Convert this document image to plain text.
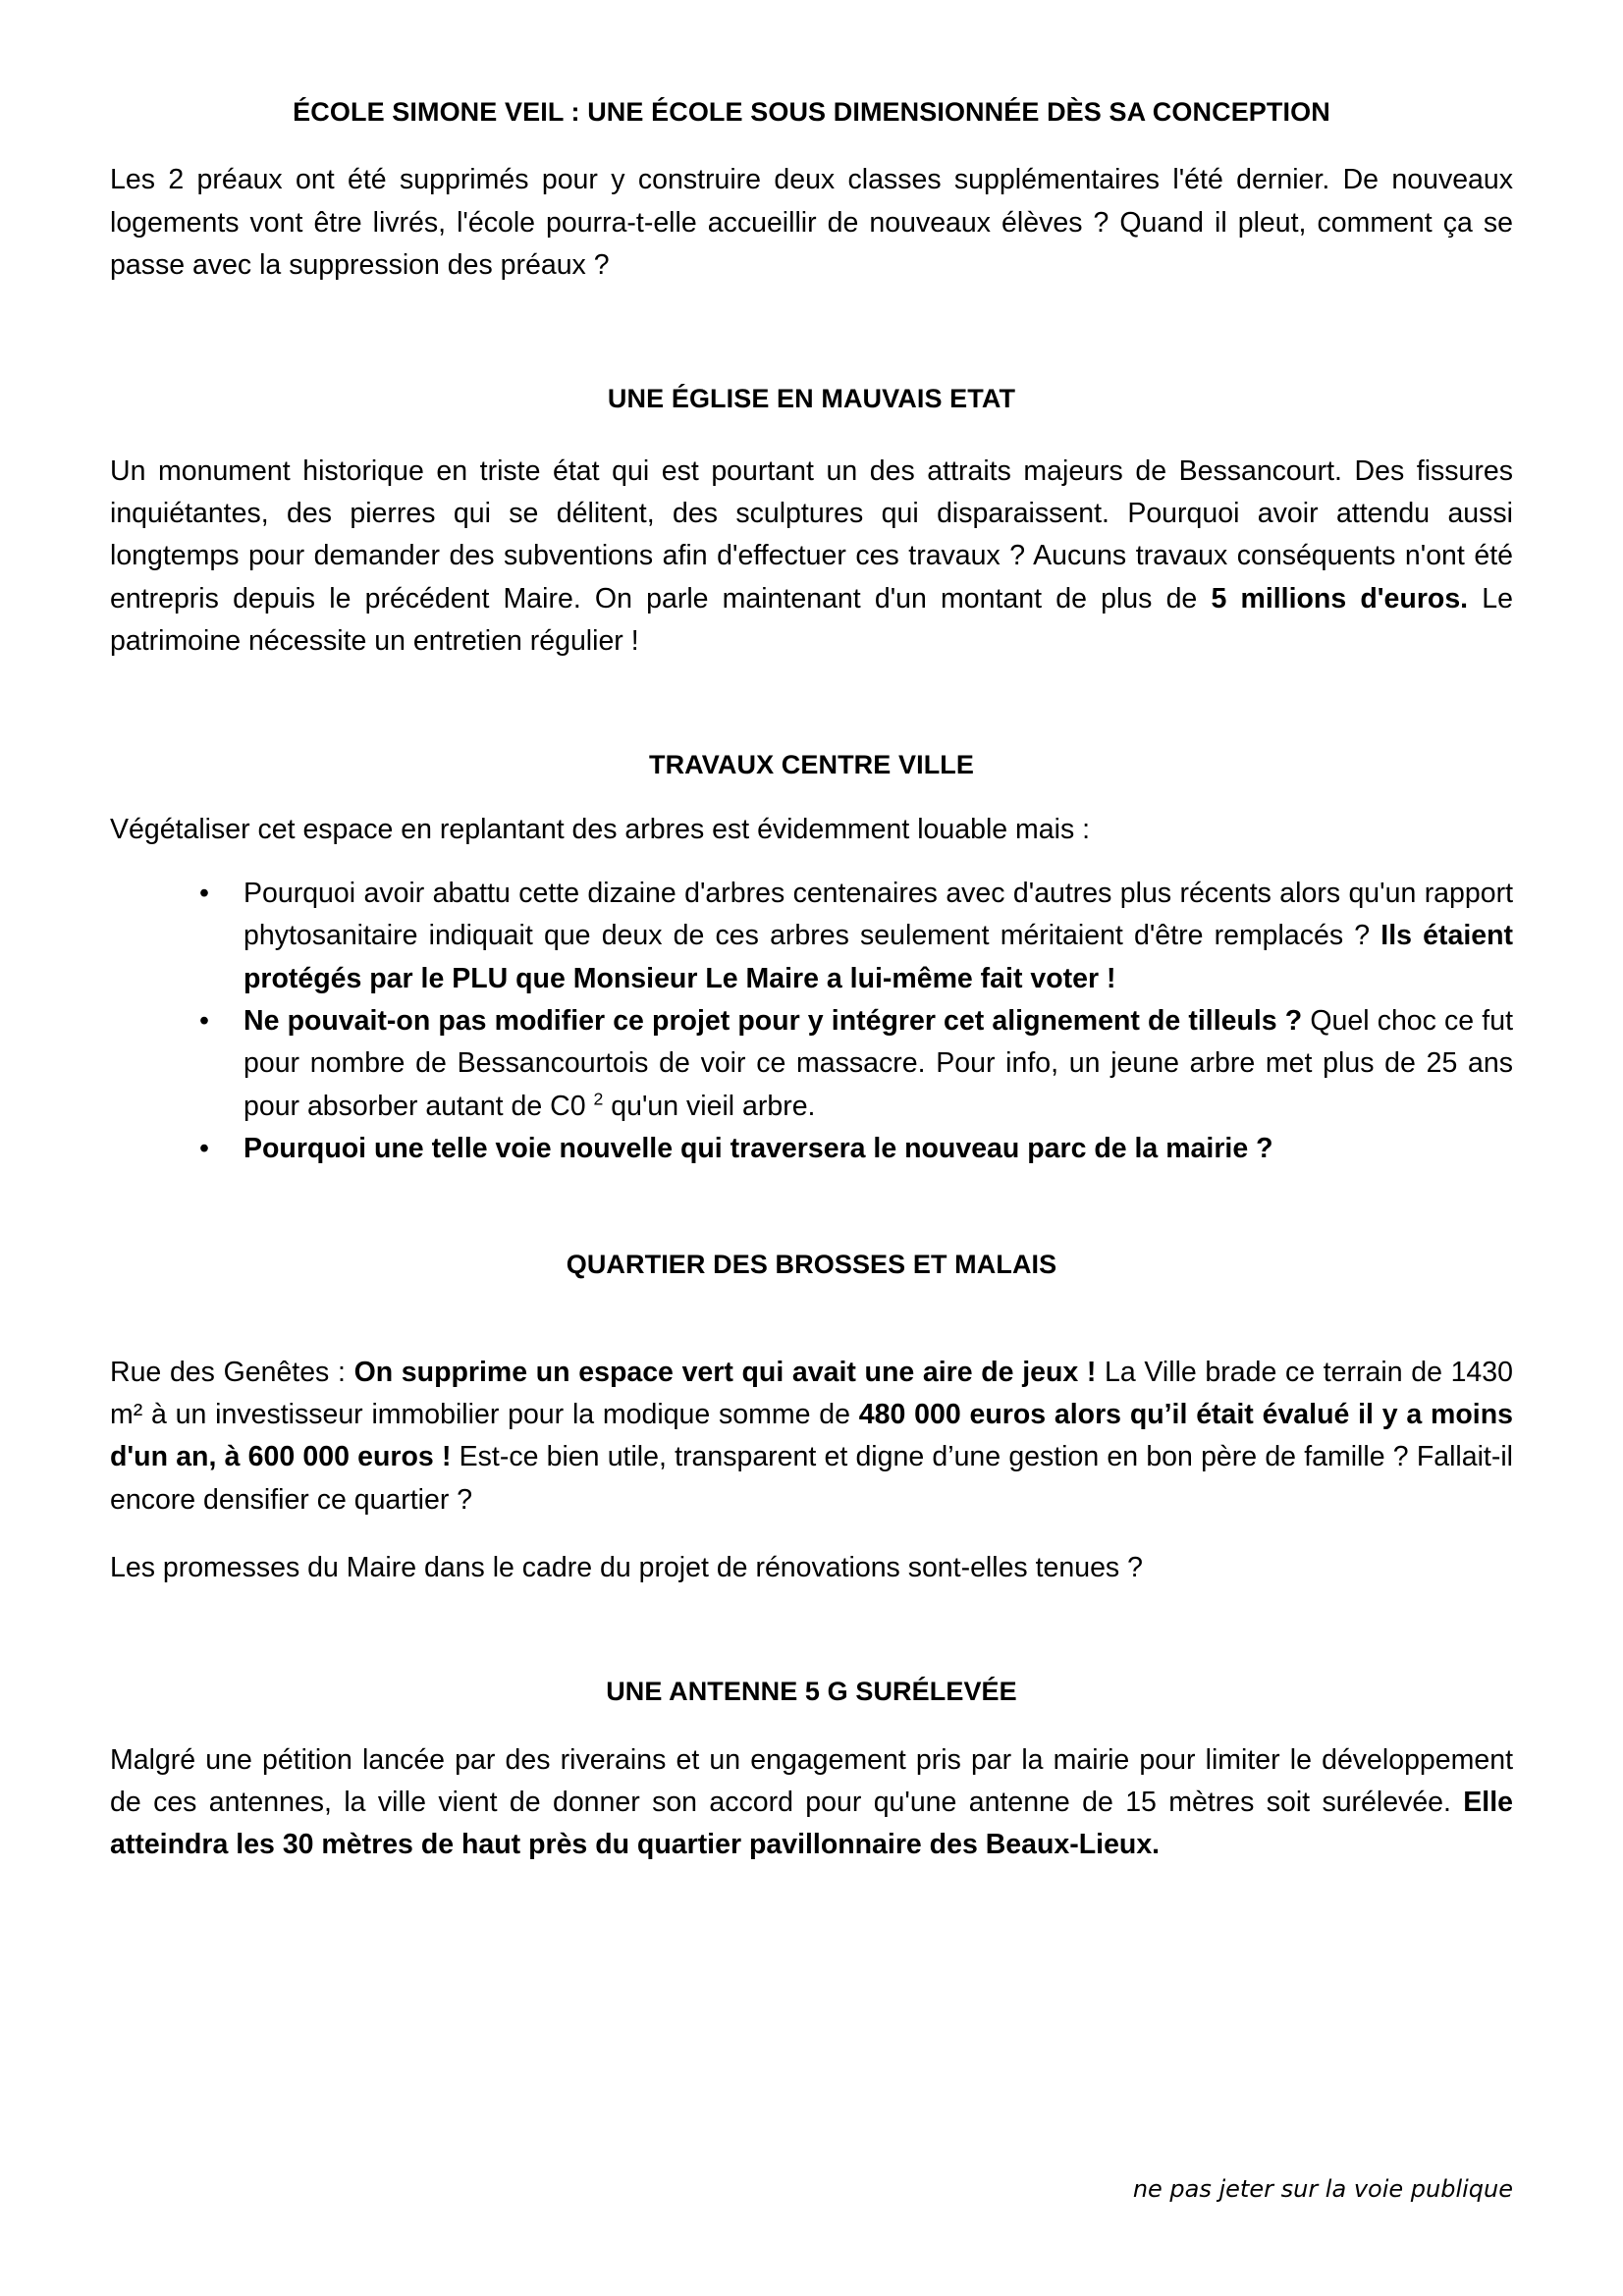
ÉCOLE SIMONE VEIL : UNE ÉCOLE SOUS DIMENSIONNÉE DÈS SA CONCEPTION

Les 2 préaux ont été supprimés pour y construire deux classes supplémentaires l'été dernier. De nouveaux logements vont être livrés, l'école pourra-t-elle accueillir de nouveaux élèves ? Quand il pleut, comment ça se passe avec la suppression des préaux ?

UNE ÉGLISE EN MAUVAIS ETAT

Un monument historique en triste état qui est pourtant un des attraits majeurs de Bessancourt. Des fissures inquiétantes, des pierres qui se délitent, des sculptures qui disparaissent. Pourquoi avoir attendu aussi longtemps pour demander des subventions afin d'effectuer ces travaux ? Aucuns travaux conséquents n'ont été entrepris depuis le précédent Maire. On parle maintenant d'un montant de plus de 5 millions d'euros. Le patrimoine nécessite un entretien régulier !

TRAVAUX CENTRE VILLE

Végétaliser cet espace en replantant des arbres est évidemment louable mais :

• Pourquoi avoir abattu cette dizaine d'arbres centenaires avec d'autres plus récents alors qu'un rapport phytosanitaire indiquait que deux de ces arbres seulement méritaient d'être remplacés ? Ils étaient protégés par le PLU que Monsieur Le Maire a lui-même fait voter !
• Ne pouvait-on pas modifier ce projet pour y intégrer cet alignement de tilleuls ? Quel choc ce fut pour nombre de Bessancourtois de voir ce massacre. Pour info, un jeune arbre met plus de 25 ans pour absorber autant de C0 $^2$ qu'un vieil arbre.
• Pourquoi une telle voie nouvelle qui traversera le nouveau parc de la mairie ?
QUARTIER DES BROSSES ET MALAIS

Rue des Genêtes : On supprime un espace vert qui avait une aire de jeux ! La Ville brade ce terrain de 1430 m² à un investisseur immobilier pour la modique somme de 480 000 euros alors qu’il était évalué il y a moins d'un an, à 600 000 euros ! Est-ce bien utile, transparent et digne d’une gestion en bon père de famille ? Fallait-il encore densifier ce quartier ?

Les promesses du Maire dans le cadre du projet de rénovations sont-elles tenues ?

UNE ANTENNE 5 G SURÉLEVÉE

Malgré une pétition lancée par des riverains et un engagement pris par la mairie pour limiter le développement de ces antennes, la ville vient de donner son accord pour qu'une antenne de 15 mètres soit surélevée. Elle atteindra les 30 mètres de haut près du quartier pavillonnaire des Beaux-Lieux.

ne pas jeter sur la voie publique
